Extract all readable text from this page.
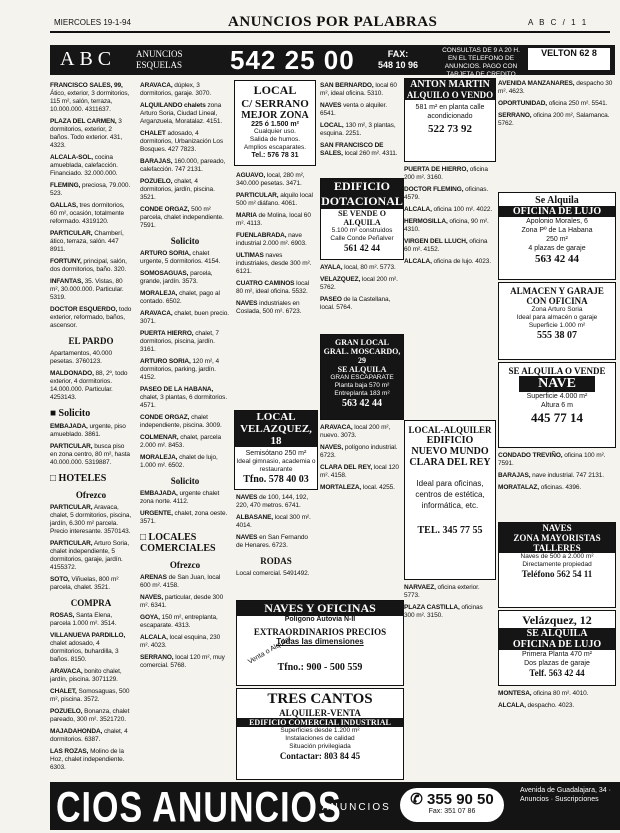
MIERCOLES 19-1-94	ANUNCIOS POR PALABRAS	A B C / 1 1
ABC ANUNCIOS
ESQUELAS 542 25 00	FAX:
548 10 96
CONSULTAS DE 9 A 20 H. EN EL TELEFONO DE ANUNCIOS. PAGO CON TARJETA DE CREDITO
VELTON 62 8
FRANCISCO SALES, 99, Ático, exterior, 3 dormitorios, 115 m², salón, terraza, 10.000.000. 4311637.
PLAZA DEL CARMEN, 3 dormitorios, exterior, 2 baños. Todo exterior. 431, 4323.
ALCALA-SOL, cocina amueblada, calefacción. Financiado. 32.000.000.
FLEMING, preciosa, 79.000. 523.
GALLAS, tres dormitorios, 60 m², ocasión, totalmente reformado. 4319120.
PARTICULAR, Chamberí, ático, terraza, salón. 447 8911.
FORTUNY, principal, salón, dos dormitorios, baño. 320.
INFANTAS, 35. Vistas, 80 m², 30.000.000. Particular. 5319.
DOCTOR ESQUERDO, todo exterior, reformado, baños, ascensor.
EL PARDO
Apartamentos, 40.000 pesetas. 3760123.
MALDONADO, 88, 2º, todo exterior, 4 dormitorios. 14.000.000. Particular. 4253143.
■ Solicito
EMBAJADA, urgente, piso amueblado. 3861.
PARTICULAR, busca piso en zona centro, 80 m², hasta 40.000.000. 5319887.
□ HOTELES
Ofrezco
PARTICULAR, Aravaca, chalet, 5 dormitorios, piscina, jardín, 6.300 m² parcela. Precio interesante. 3570143.
PARTICULAR, Arturo Soria, chalet independiente, 5 dormitorios, garaje, jardín. 4155372.
SOTO, Viñuelas, 800 m² parcela, chalet. 3521.
COMPRA
ROSAS, Santa Elena, parcela 1.000 m². 3514.
VILLANUEVA PARDILLO, chalet adosado, 4 dormitorios, buhardilla, 3 baños. 8150.
ARAVACA, bonito chalet, jardín, piscina. 3071129.
CHALET, Somosaguas, 500 m², piscina. 3572.
POZUELO, Bonanza, chalet pareado, 300 m². 3521720.
MAJADAHONDA, chalet, 4 dormitorios. 6387.
LAS ROZAS, Molino de la Hoz, chalet independiente. 6303.
ARAVACA, dúplex, 3 dormitorios, garaje. 3070.
ALQUILANDO chalets zona Arturo Soria, Ciudad Lineal, Arganzuela, Moratalaz. 4151.
CHALET adosado, 4 dormitorios, Urbanización Los Bosques. 427 7823.
BARAJAS, 160.000, pareado, calefacción. 747 2131.
POZUELO, chalet, 4 dormitorios, jardín, piscina. 3521.
CONDE ORGAZ, 500 m² parcela, chalet independiente. 7591.
Solicito
ARTURO SORIA, chalet urgente, 5 dormitorios. 4154.
SOMOSAGUAS, parcela, grande, jardín. 3573.
MORALEJA, chalet, pago al contado. 6502.
ARAVACA, chalet, buen precio. 3071.
PUERTA HIERRO, chalet, 7 dormitorios, piscina, jardín. 3161.
ARTURO SORIA, 120 m², 4 dormitorios, parking, jardín. 4152.
PASEO DE LA HABANA, chalet, 3 plantas, 6 dormitorios. 4571.
CONDE ORGAZ, chalet independiente, piscina. 3009.
COLMENAR, chalet, parcela 2.000 m². 8453.
MORALEJA, chalet de lujo, 1.000 m². 6502.
Solicito
EMBAJADA, urgente chalet zona norte. 4112.
URGENTE, chalet, zona oeste. 3571.
□ LOCALES COMERCIALES
Ofrezco
ARENAS de San Juan, local 600 m². 4158.
NAVES, particular, desde 300 m². 6341.
GOYA, 150 m², entreplanta, escaparate. 4313.
ALCALA, local esquina, 230 m². 4023.
SERRANO, local 120 m², muy comercial. 5768.
LOCAL
C/ SERRANO
MEJOR ZONA
225 ó 1.500 m²
Cualquier uso.
Salida de humos.
Amplios escaparates.
Tel.: 576 78 31
AGUAVO, local, 280 m², 340.000 pesetas. 3471.
PARTICULAR, alquilo local 500 m² diáfano. 4061.
MARIA de Molina, local 60 m². 4113.
FUENLABRADA, nave industrial 2.000 m². 6903.
ULTIMAS naves industriales, desde 300 m². 6121.
CUATRO CAMINOS local 80 m², ideal oficina. 5532.
NAVES industriales en Coslada, 500 m². 6723.
LOCAL
VELAZQUEZ, 18
Semisótano 250 m²
Ideal gimnasio, academia o restaurante
Tfno. 578 40 03
NAVES de 100, 144, 192, 220, 470 metros. 6741.
ALBASANE, local 300 m². 4014.
NAVES en San Fernando de Henares. 6723.
RODAS
Local comercial. 5491492.
SAN BERNARDO, local 60 m², ideal oficina. 5310.
NAVES venta o alquiler. 6541.
LOCAL, 130 m², 3 plantas, esquina. 2251.
SAN FRANCISCO DE SALES, local 260 m². 4311.
EDIFICIO
DOTACIONAL
SE VENDE O ALQUILA
5.100 m² construidos
Calle Conde Peñalver
561 42 44
AYALA, local, 80 m². 5773.
VELAZQUEZ, local 200 m². 5762.
PASEO de la Castellana, local. 5764.
GRAN LOCAL
GRAL. MOSCARDO, 29
SE ALQUILA
GRAN ESCAPARATE
Planta baja 570 m²
Entreplanta 183 m²
563 42 44
ARAVACA, local 200 m², nuevo. 3073.
NAVES, polígono industrial. 6723.
CLARA DEL REY, local 120 m². 4158.
MORTALEZA, local. 4255.
ANTON MARTIN
ALQUILO O VENDO
581 m² en planta calle
acondicionado
522 73 92
PUERTA DE HIERRO, oficina 200 m². 3160.
DOCTOR FLEMING, oficinas. 4579.
ALCALA, oficina 100 m². 4022.
HERMOSILLA, oficina, 90 m². 4310.
VIRGEN DEL LLUCH, oficina 60 m². 4152.
ALCALA, oficina de lujo. 4023.
LOCAL-ALQUILER
EDIFICIO
NUEVO MUNDO
CLARA DEL REY
Ideal para oficinas, centros de estética, informática, etc.
TEL. 345 77 55
NARVAEZ, oficina exterior. 5773.
PLAZA CASTILLA, oficinas 300 m². 3150.
AVENIDA MANZANARES, despacho 30 m². 4623.
OPORTUNIDAD, oficina 250 m². 5541.
SERRANO, oficina 200 m², Salamanca. 5762.
Se Alquila
OFICINA DE LUJO
Apolonio Morales, 6
Zona Pº de La Habana
250 m²
4 plazas de garaje
563 42 44
ALMACEN Y GARAJE
CON OFICINA
Zona Arturo Soria
Ideal para almacén o garaje
Superficie 1.000 m²
555 38 07
SE ALQUILA O VENDE
NAVE
Superficie 4.000 m²
Altura 6 m
445 77 14
CONDADO TREVIÑO, oficina 100 m². 7591.
BARAJAS, nave industrial. 747 2131.
MORATALAZ, oficinas. 4396.
NAVES
ZONA MAYORISTAS
TALLERES
Naves de 500 a 2.000 m²
Directamente propiedad
Teléfono 562 54 11
Velázquez, 12
SE ALQUILA
OFICINA DE LUJO
Primera Planta 470 m²
Dos plazas de garaje
Telf. 563 42 44
MONTESA, oficina 80 m². 4010.
ALCALA, despacho. 4023.
NAVES Y OFICINAS
Polígono Autovía N-II
EXTRAORDINARIOS PRECIOS
Todas las dimensiones
Venta o Alquiler
Tfno.: 900 - 500 559
TRES CANTOS
ALQUILER-VENTA
EDIFICIO COMERCIAL INDUSTRIAL
Superficies desde 1.200 m²
Instalaciones de calidad
Situación privilegiada
Contactar: 803 84 45
CIOS ANUNCIOS
ANUNCIOS	✆ 355 90 50
Fax: 351 07 86
Avenida de Guadalajara, 34 · Anuncios · Suscripciones
